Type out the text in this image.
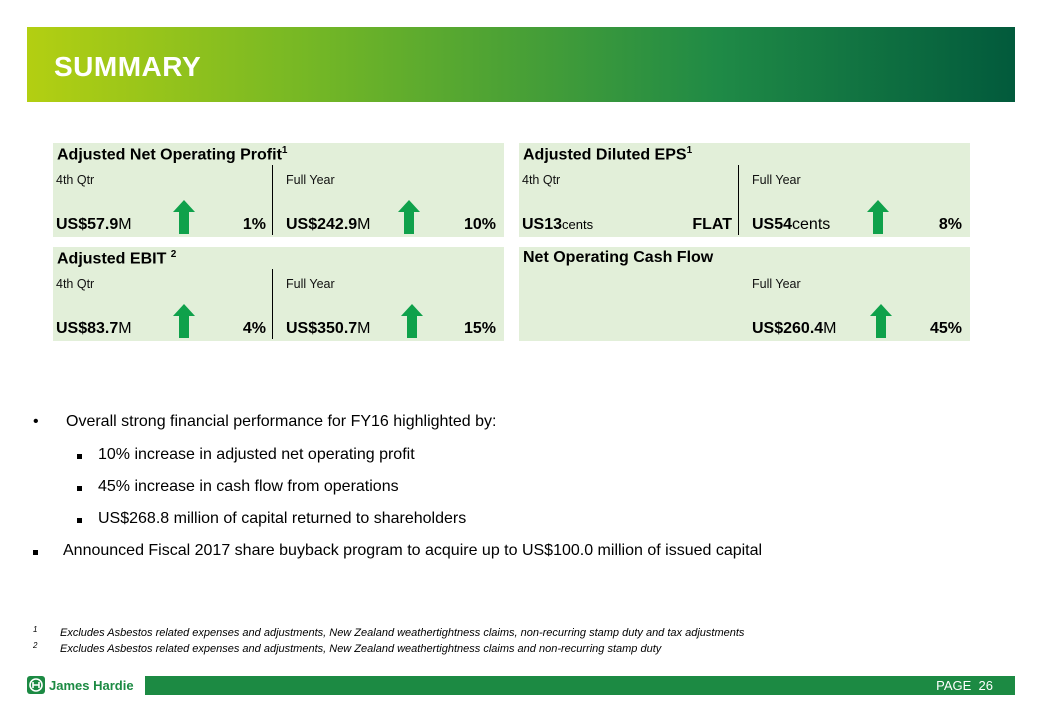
SUMMARY
Adjusted Net Operating Profit$^1$
4th Qtr
US$57.9M	1%
Full Year
US$242.9M	10%
Adjusted Diluted EPS$^1$
4th Qtr
US13cents	FLAT
Full Year
US54cents	8%
Adjusted EBIT $^2$
4th Qtr
US$83.7M	4%
Full Year
US$350.7M	15%
Net Operating Cash Flow
Full Year
US$260.4M	45%
• Overall strong financial performance for FY16 highlighted by:
10% increase in adjusted net operating profit
45% increase in cash flow from operations
US$268.8 million of capital returned to shareholders
Announced Fiscal 2017 share buyback program to acquire up to US$100.0 million of issued capital
1 Excludes Asbestos related expenses and adjustments, New Zealand weathertightness claims, non-recurring stamp duty and tax adjustments
2 Excludes Asbestos related expenses and adjustments, New Zealand weathertightness claims and non-recurring stamp duty
James Hardie	PAGE 26
